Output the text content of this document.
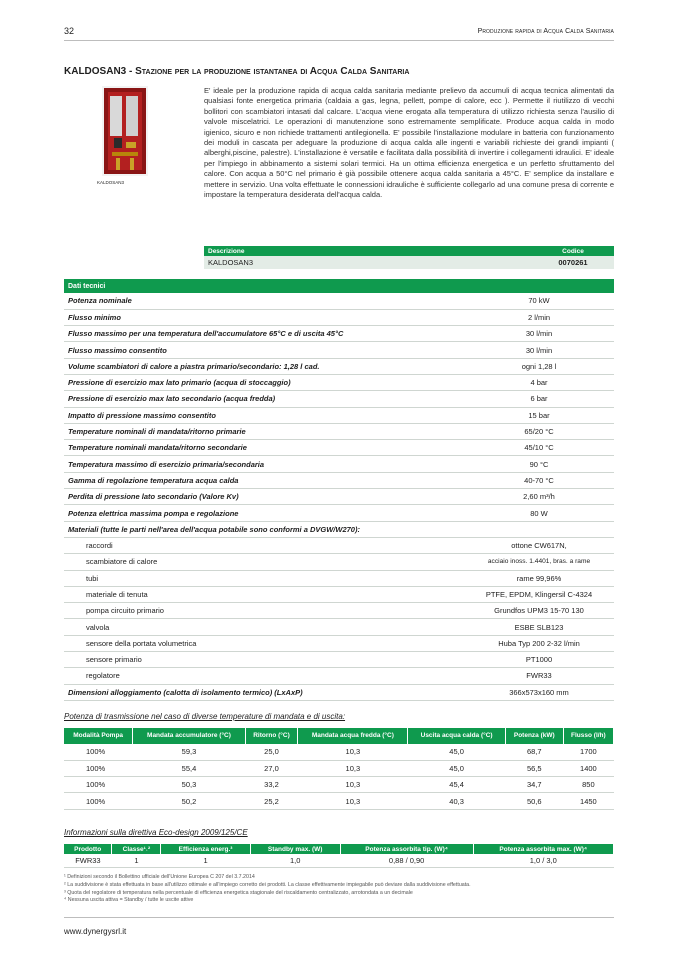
32	Produzione rapida di Acqua Calda Sanitaria
KALDOSAN3 - Stazione per la produzione istantanea di Acqua Calda Sanitaria
KALDOSAN3
E' ideale per la produzione rapida di acqua calda sanitaria mediante prelievo da accumuli di acqua tecnica alimentati da qualsiasi fonte energetica primaria (caldaia a gas, legna, pellett, pompe di calore, ecc ). Permette il riutilizzo di vecchi bollitori con scambiatori intasati dal calcare. L'acqua viene erogata alla temperatura di utilizzo richiesta senza l'ausilio di valvole miscelatrici. Le operazioni di manutenzione sono estremamente semplificate. Produce acqua calda in modo igienico, sicuro e non richiede trattamenti antilegionella. E' possibile l'installazione modulare in batteria con funzionamento dei moduli in cascata per adeguare la produzione di acqua calda alle ingenti e variabili richieste dei grandi impianti ( alberghi,piscine, palestre). L'installazione è versatile e facilitata dalla possibilità di invertire i collegamenti idraulici. E' ideale per l'impiego in abbinamento a sistemi solari termici. Ha un ottima efficienza energetica e un perfetto sfruttamento del calore. Con acqua a 50°C nel primario è già possibile ottenere acqua calda sanitaria a 45°C. E' semplice da installare e mettere in servizio. Una volta effettuate le connessioni idrauliche è sufficiente collegarlo ad una comune presa di corrente e impostare la temperatura desiderata dell'acqua calda.
Descrizione	Codice
KALDOSAN3	0070261
Dati tecnici	
Potenza nominale	70 kW
Flusso minimo	2 l/min
Flusso massimo per una temperatura dell'accumulatore 65°C e di uscita 45°C	30 l/min
Flusso massimo consentito	30 l/min
Volume scambiatori di calore a piastra primario/secondario: 1,28 l cad.	ogni 1,28 l
Pressione di esercizio max lato primario (acqua di stoccaggio)	4 bar
Pressione di esercizio max lato secondario (acqua fredda)	6 bar
Impatto di pressione massimo consentito	15 bar
Temperature nominali di mandata/ritorno primarie	65/20 °C
Temperature nominali mandata/ritorno secondarie	45/10 °C
Temperatura massimo di esercizio primaria/secondaria	90 °C
Gamma di regolazione temperatura acqua calda	40-70 °C
Perdita di pressione lato secondario (Valore Kv)	2,60 m³/h
Potenza elettrica massima pompa e regolazione	80 W
Materiali (tutte le parti nell'area dell'acqua potabile sono conformi a DVGW/W270):	
raccordi	ottone CW617N,
scambiatore di calore	acciaio inoss. 1.4401, bras. a rame
tubi	rame 99,96%
materiale di tenuta	PTFE, EPDM, Klingersil C-4324
pompa circuito primario	Grundfos UPM3 15-70 130
valvola	ESBE SLB123
sensore della portata volumetrica	Huba Typ 200 2-32 l/min
sensore primario	PT1000
regolatore	FWR33
Dimensioni alloggiamento (calotta di isolamento termico) (LxAxP)	366x573x160 mm
Potenza di trasmissione nel caso di diverse temperature di mandata e di uscita:
Modalità Pompa	Mandata accumulatore (°C)	Ritorno (°C)	Mandata acqua fredda (°C)	Uscita acqua calda (°C)	Potenza (kW)	Flusso (l/h)
100%	59,3	25,0	10,3	45,0	68,7	1700
100%	55,4	27,0	10,3	45,0	56,5	1400
100%	50,3	33,2	10,3	45,4	34,7	850
100%	50,2	25,2	10,3	40,3	50,6	1450
Informazioni sulla direttiva Eco-design 2009/125/CE
Prodotto	Classe¹˒²	Efficienza energ.³	Standby max. (W)	Potenza assorbita tip. (W)⁴	Potenza assorbita max. (W)⁴
FWR33	1	1	1,0	0,88 / 0,90	1,0 / 3,0
¹ Definizioni secondo il Bollettino ufficiale dell'Unione Europea C 207 del 3.7.2014
² La suddivisione è stata effettuata in base all'utilizzo ottimale e all'impiego corretto dei prodotti. La classe effettivamente impiegabile può deviare dalla suddivisione effettuata.
³ Quota del regolatore di temperatura nella percentuale di efficienza energetica stagionale del riscaldamento centralizzato, arrotondata a un decimale
⁴ Nessuna uscita attiva = Standby / tutte le uscite attive
www.dynergysrl.it
